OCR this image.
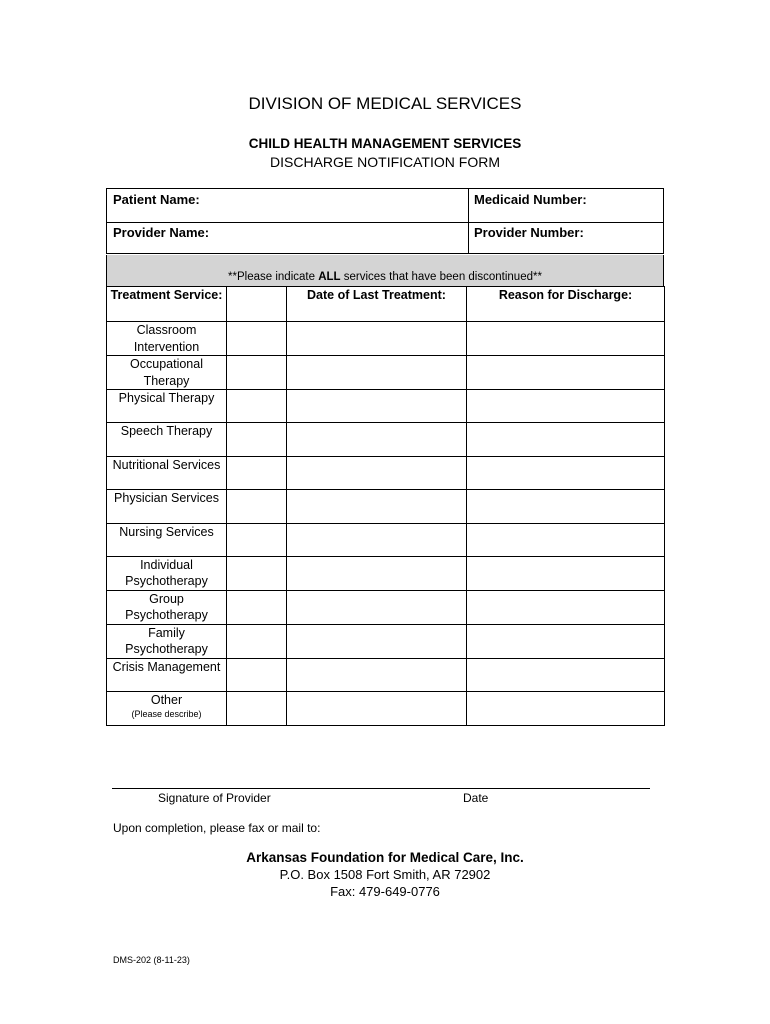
DIVISION OF MEDICAL SERVICES
CHILD HEALTH MANAGEMENT SERVICES
DISCHARGE NOTIFICATION FORM
Patient Name:	Medicaid Number:
Provider Name:	Provider Number:
**Please indicate ALL services that have been discontinued**
Treatment Service:		Date of Last Treatment:	Reason for Discharge:
Classroom Intervention			
Occupational Therapy			
Physical Therapy			
Speech Therapy			
Nutritional Services			
Physician Services			
Nursing Services			
Individual Psychotherapy			
Group Psychotherapy			
Family Psychotherapy			
Crisis Management			
Other
(Please describe)			

Signature of Provider	Date
Upon completion, please fax or mail to:
Arkansas Foundation for Medical Care, Inc.
P.O. Box 1508 Fort Smith, AR 72902
Fax: 479-649-0776
DMS-202 (8-11-23)
